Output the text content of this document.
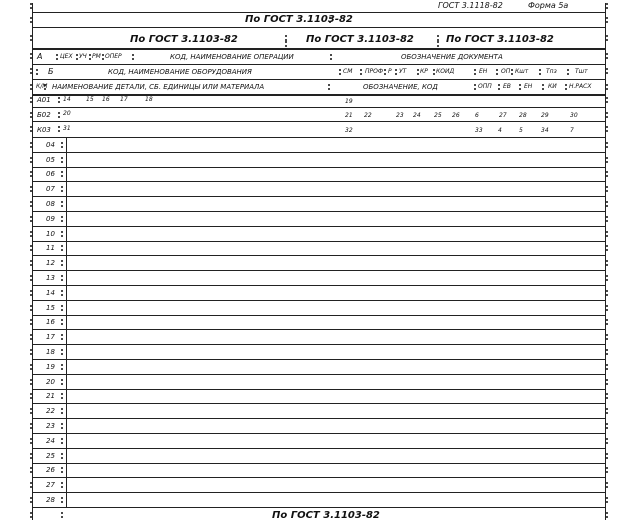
ГОСТ 3.1118-82	Форма 5а
По ГОСТ 3.1103-82
По ГОСТ 3.1103-82	По ГОСТ 3.1103-82	По ГОСТ 3.1103-82
А	ЦЕХ УЧ РМ ОПЕР	КОД, НАИМЕНОВАНИЕ ОПЕРАЦИИ	ОБОЗНАЧЕНИЕ ДОКУМЕНТА
Б	КОД, НАИМЕНОВАНИЕ ОБОРУДОВАНИЯ	СМ ПРОФ Р УТ КР КОИД	ЕН ОП Кшт	Тпз	Тшт
К/М НАИМЕНОВАНИЕ ДЕТАЛИ, СБ. ЕДИНИЦЫ ИЛИ МАТЕРИАЛА	ОБОЗНАЧЕНИЕ, КОД	ОПП ЕВ ЕН	КИ Н.РАСХ
А01 14	15 16 17	18	19
Б02 20	21 22	23 24 25 26	6	27 28 29	30
К03 31	32	33	4	5	34	7
По ГОСТ 3.1103-82
04
05
06
07
08
09
10
11
12
13
14
15
16
17
18
19
20
21
22
23
24
25
26
27
28
